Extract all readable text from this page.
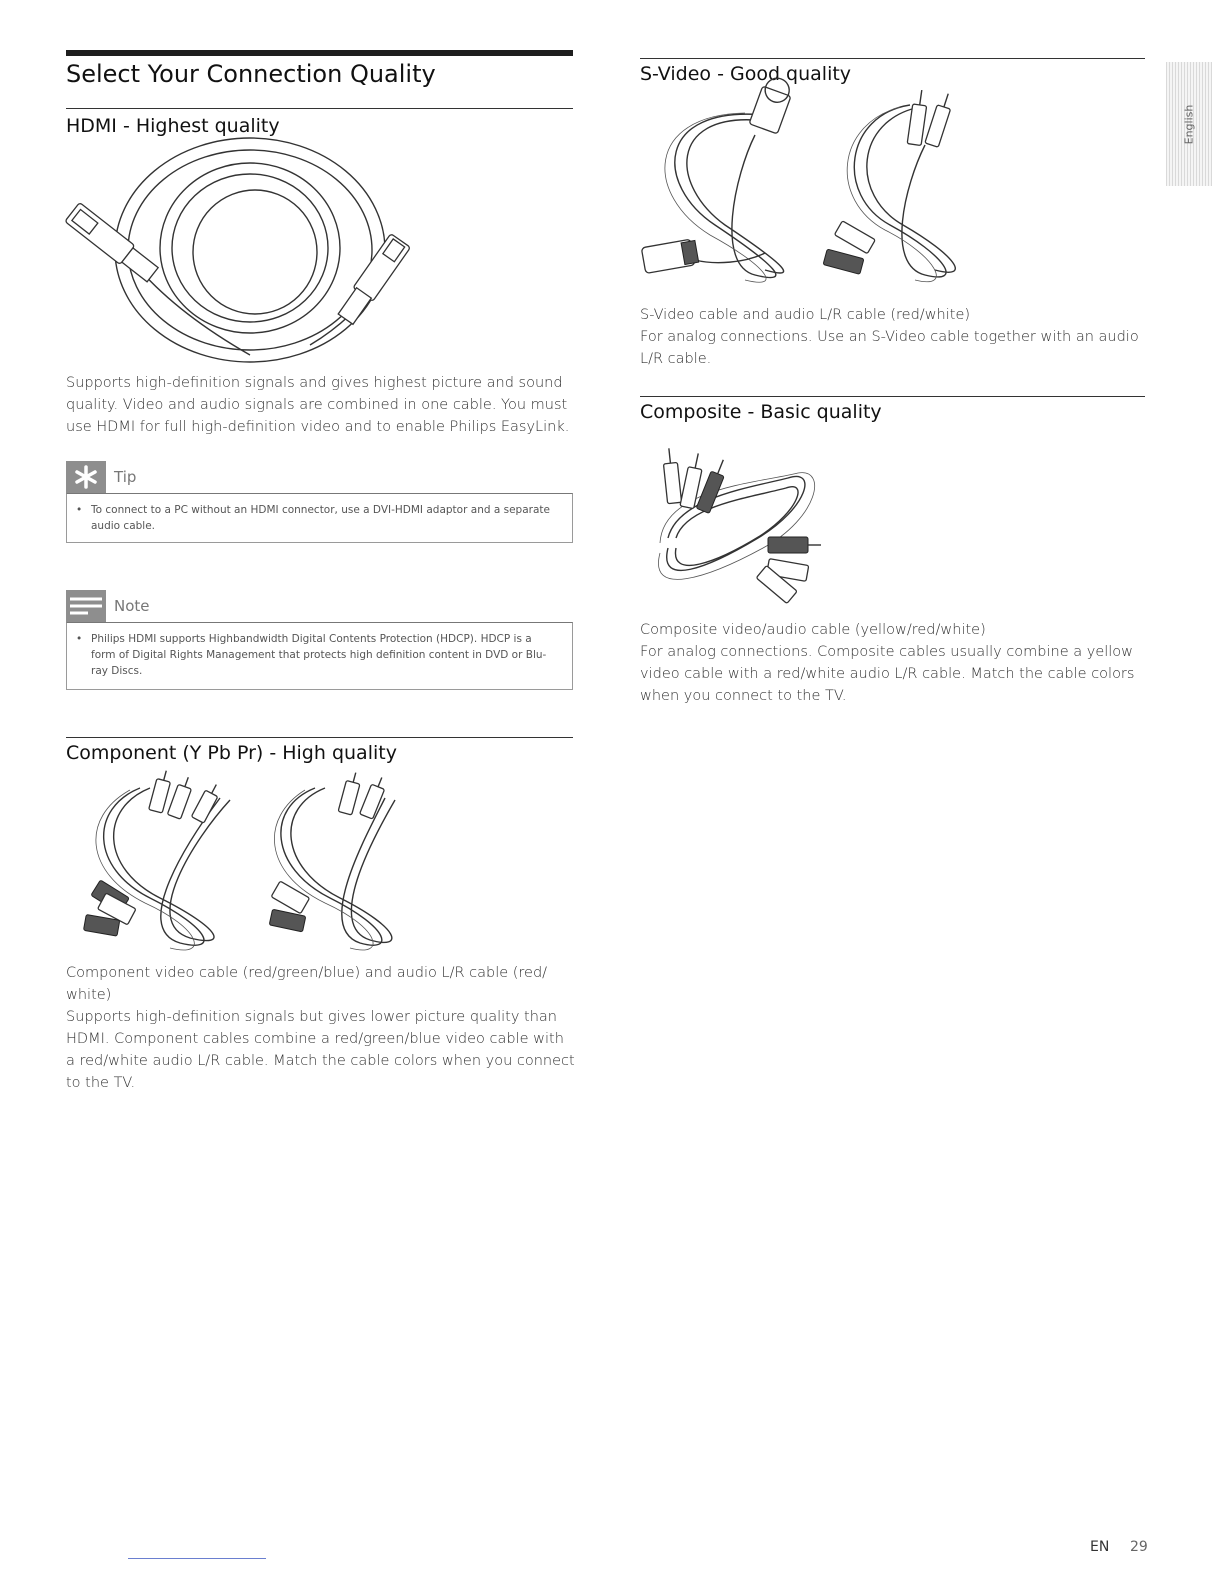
English
Select Your Connection Quality
HDMI - Highest quality

Supports high-definition signals and gives highest picture and sound quality. Video and audio signals are combined in one cable. You must use HDMI for full high-definition video and to enable Philips EasyLink.

Tip
• To connect to a PC without an HDMI connector, use a DVI-HDMI adaptor and a separate audio cable.
Note
• Philips HDMI supports Highbandwidth Digital Contents Protection (HDCP). HDCP is a form of Digital Rights Management that protects high definition content in DVD or Blu-ray Discs.
Component (Y Pb Pr) - High quality

Component video cable (red/green/blue) and audio L/R cable (red/ white)

Supports high-definition signals but gives lower picture quality than HDMI. Component cables combine a red/green/blue video cable with a red/white audio L/R cable. Match the cable colors when you connect to the TV.

S-Video - Good quality

S-Video cable and audio L/R cable (red/white)

For analog connections. Use an S-Video cable together with an audio L/R cable.

Composite - Basic quality

Composite video/audio cable (yellow/red/white)

For analog connections. Composite cables usually combine a yellow video cable with a red/white audio L/R cable. Match the cable colors when you connect to the TV.

EN 29
